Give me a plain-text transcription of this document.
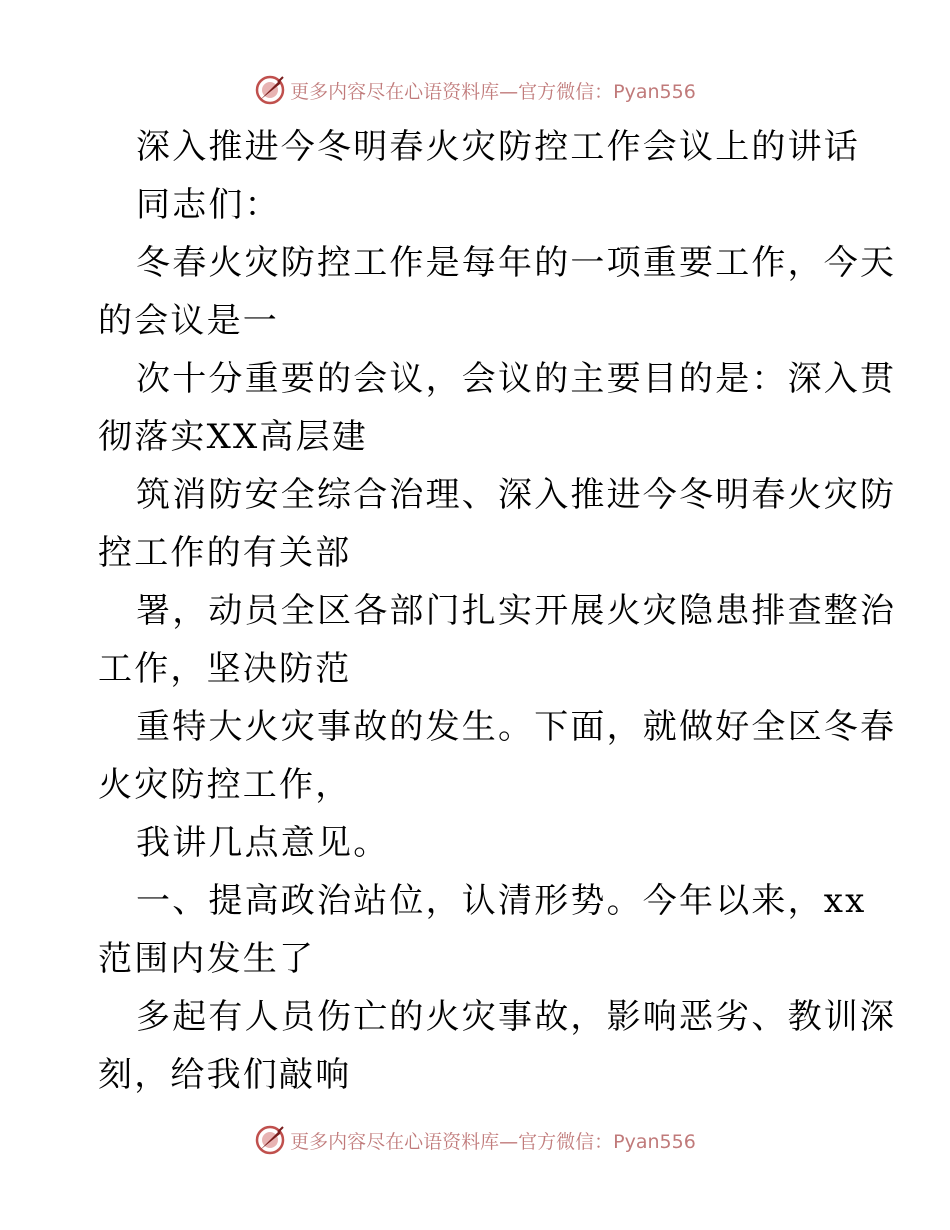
更多内容尽在心语资料库—官方微信：Pyan556

深入推进今冬明春火灾防控工作会议上的讲话

同志们：

冬春火灾防控工作是每年的一项重要工作，今天

的会议是一

次十分重要的会议，会议的主要目的是：深入贯

彻落实XX高层建

筑消防安全综合治理、深入推进今冬明春火灾防

控工作的有关部

署，动员全区各部门扎实开展火灾隐患排查整治

工作，坚决防范

重特大火灾事故的发生。下面，就做好全区冬春

火灾防控工作，

我讲几点意见。

一、提高政治站位，认清形势。今年以来，xx

范围内发生了

多起有人员伤亡的火灾事故，影响恶劣、教训深

刻，给我们敲响

更多内容尽在心语资料库—官方微信：Pyan556
